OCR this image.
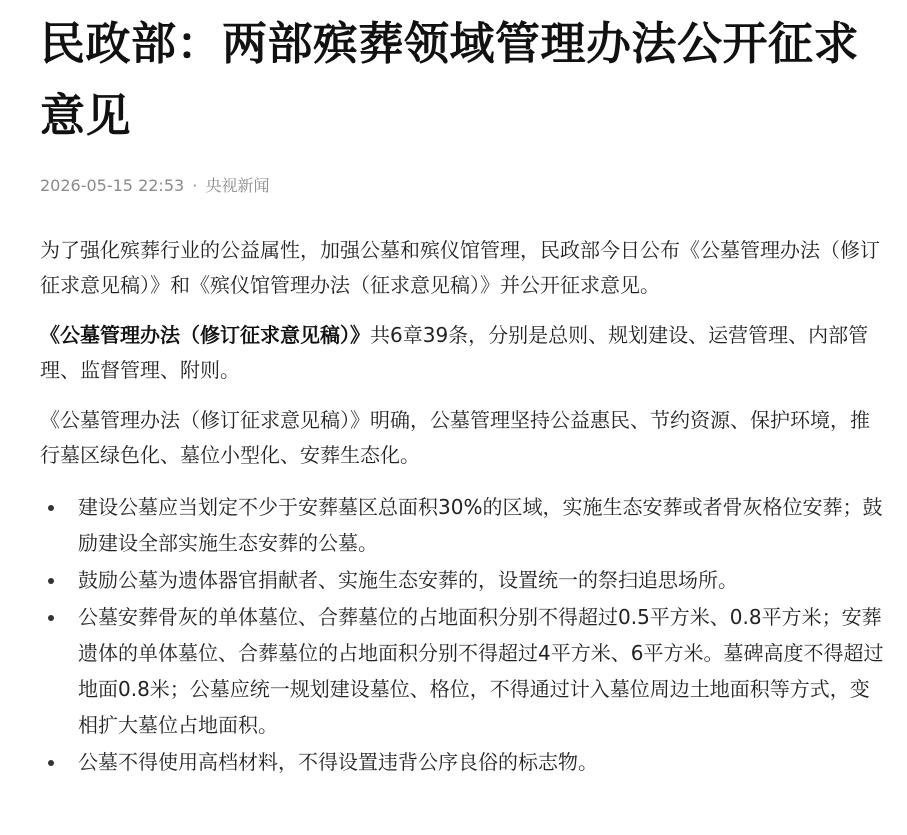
民政部：两部殡葬领域管理办法公开征求意见
2026-05-15 22:53 · 央视新闻

为了强化殡葬行业的公益属性，加强公墓和殡仪馆管理，民政部今日公布《公墓管理办法（修订征求意见稿）》和《殡仪馆管理办法（征求意见稿）》并公开征求意见。

《公墓管理办法（修订征求意见稿）》共6章39条，分别是总则、规划建设、运营管理、内部管理、监督管理、附则。

《公墓管理办法（修订征求意见稿）》明确，公墓管理坚持公益惠民、节约资源、保护环境，推行墓区绿色化、墓位小型化、安葬生态化。

建设公墓应当划定不少于安葬墓区总面积30%的区域，实施生态安葬或者骨灰格位安葬；鼓励建设全部实施生态安葬的公墓。
鼓励公墓为遗体器官捐献者、实施生态安葬的，设置统一的祭扫追思场所。
公墓安葬骨灰的单体墓位、合葬墓位的占地面积分别不得超过0.5平方米、0.8平方米；安葬遗体的单体墓位、合葬墓位的占地面积分别不得超过4平方米、6平方米。墓碑高度不得超过地面0.8米；公墓应统一规划建设墓位、格位，不得通过计入墓位周边土地面积等方式，变相扩大墓位占地面积。
公墓不得使用高档材料，不得设置违背公序良俗的标志物。
